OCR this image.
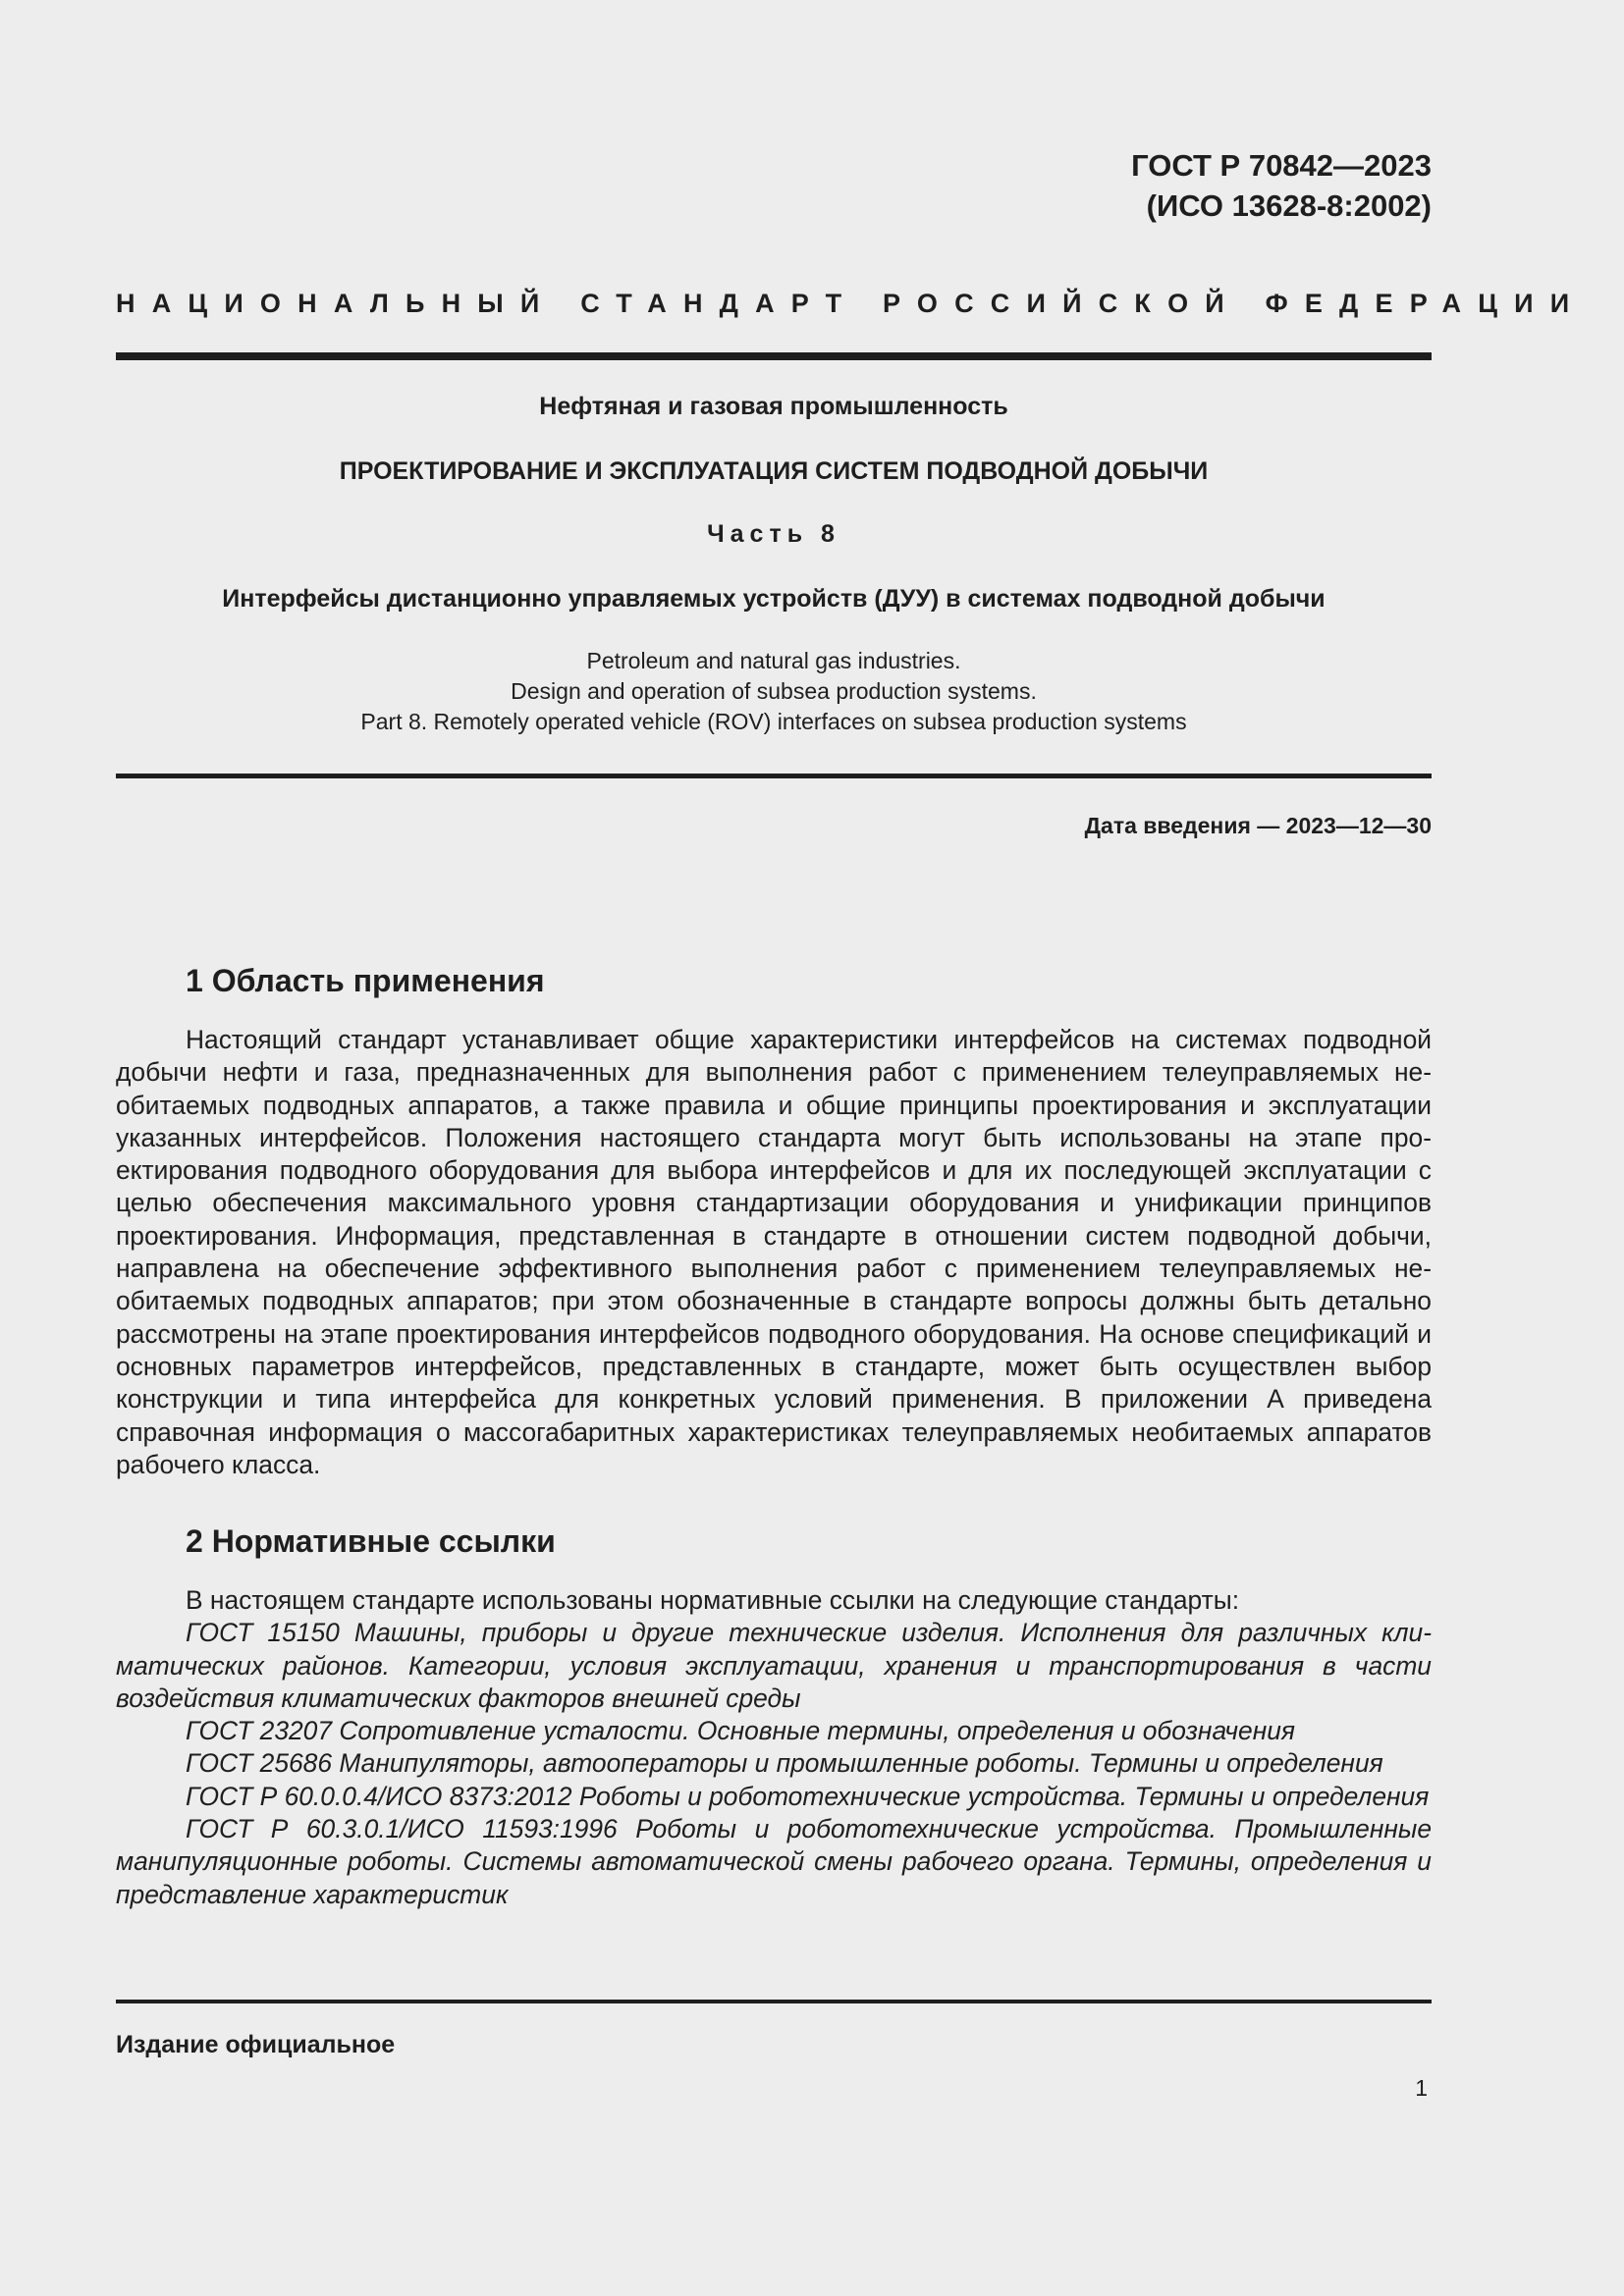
ГОСТ Р 70842—2023
(ИСО 13628-8:2002)
НАЦИОНАЛЬНЫЙ СТАНДАРТ РОССИЙСКОЙ ФЕДЕРАЦИИ
Нефтяная и газовая промышленность
ПРОЕКТИРОВАНИЕ И ЭКСПЛУАТАЦИЯ СИСТЕМ ПОДВОДНОЙ ДОБЫЧИ
Часть 8
Интерфейсы дистанционно управляемых устройств (ДУУ) в системах подводной добычи
Petroleum and natural gas industries.
Design and operation of subsea production systems.
Part 8. Remotely operated vehicle (ROV) interfaces on subsea production systems
Дата введения — 2023—12—30
1 Область применения
Настоящий стандарт устанавливает общие характеристики интерфейсов на системах подводной добычи нефти и газа, предназначенных для выполнения работ с применением телеуправляемых необитаемых подводных аппаратов, а также правила и общие принципы проектирования и эксплуатации указанных интерфейсов. Положения настоящего стандарта могут быть использованы на этапе проектирования подводного оборудования для выбора интерфейсов и для их последующей эксплуатации с целью обеспечения максимального уровня стандартизации оборудования и унификации принципов проектирования. Информация, представленная в стандарте в отношении систем подводной добычи, направлена на обеспечение эффективного выполнения работ с применением телеуправляемых необитаемых подводных аппаратов; при этом обозначенные в стандарте вопросы должны быть детально рассмотрены на этапе проектирования интерфейсов подводного оборудования. На основе спецификаций и основных параметров интерфейсов, представленных в стандарте, может быть осуществлен выбор конструкции и типа интерфейса для конкретных условий применения. В приложении А приведена справочная информация о массогабаритных характеристиках телеуправляемых необитаемых аппаратов рабочего класса.
2 Нормативные ссылки

В настоящем стандарте использованы нормативные ссылки на следующие стандарты:

ГОСТ 15150 Машины, приборы и другие технические изделия. Исполнения для различных климатических районов. Категории, условия эксплуатации, хранения и транспортирования в части воздействия климатических факторов внешней среды

ГОСТ 23207 Сопротивление усталости. Основные термины, определения и обозначения

ГОСТ 25686 Манипуляторы, автооператоры и промышленные роботы. Термины и определения

ГОСТ Р 60.0.0.4/ИСО 8373:2012 Роботы и робототехнические устройства. Термины и определения

ГОСТ Р 60.3.0.1/ИСО 11593:1996 Роботы и робототехнические устройства. Промышленные манипуляционные роботы. Системы автоматической смены рабочего органа. Термины, определения и представление характеристик

Издание официальное
1
